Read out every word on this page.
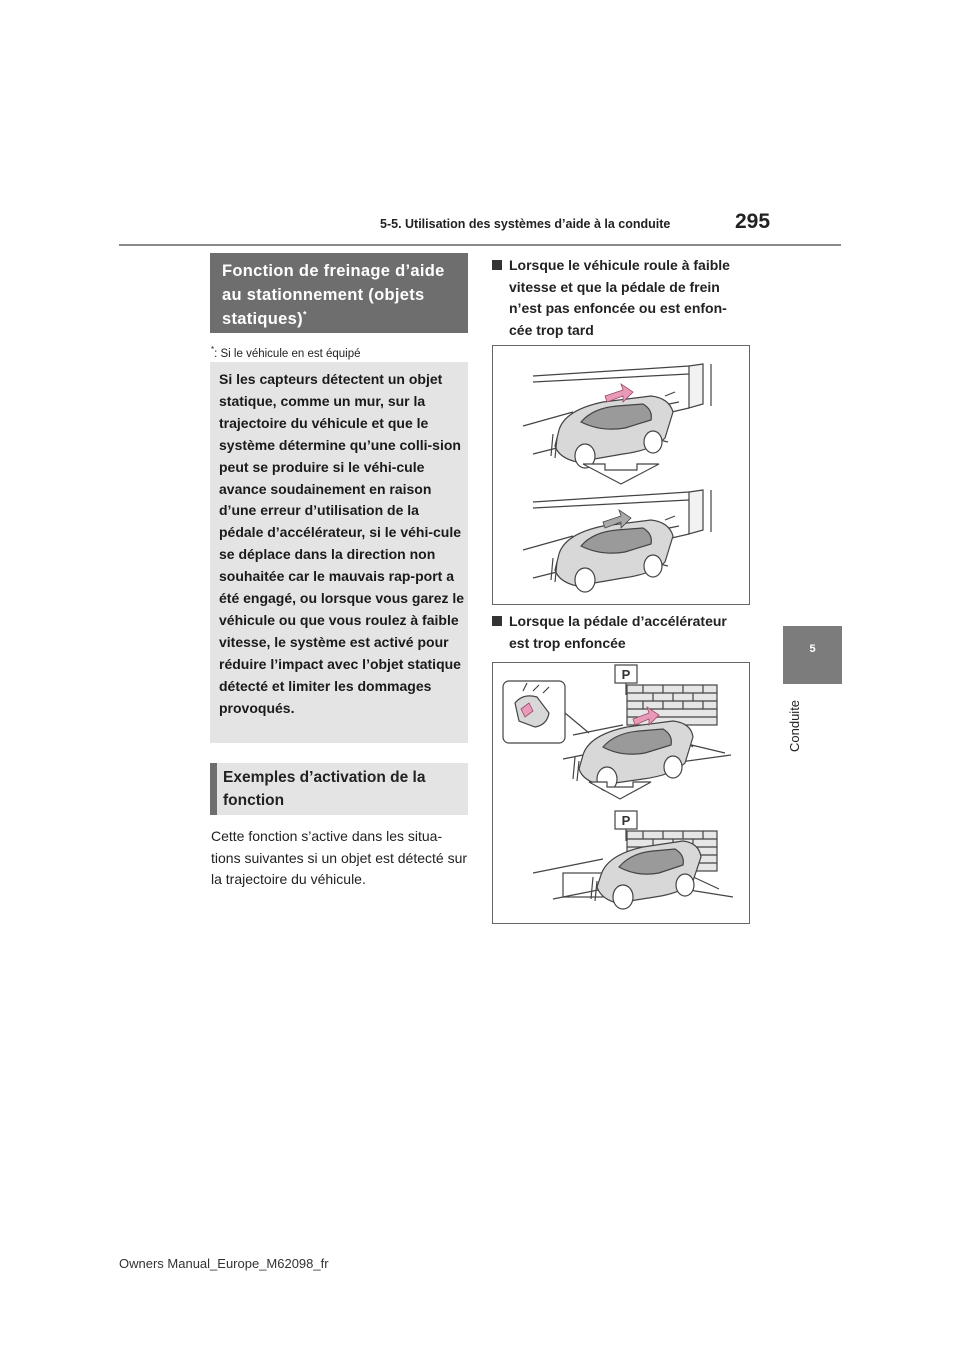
5-5. Utilisation des systèmes d’aide à la conduite	295
5
Conduite
Fonction de freinage d’aide au stationnement (objets statiques)*
*: Si le véhicule en est équipé
Si les capteurs détectent un objet statique, comme un mur, sur la trajectoire du véhicule et que le système détermine qu’une colli-sion peut se produire si le véhi-cule avance soudainement en raison d’une erreur d’utilisation de la pédale d’accélérateur, si le véhi-cule se déplace dans la direction non souhaitée car le mauvais rap-port a été engagé, ou lorsque vous garez le véhicule ou que vous roulez à faible vitesse, le système est activé pour réduire l’impact avec l’objet statique détecté et limiter les dommages provoqués.
Exemples d’activation de la fonction
Cette fonction s’active dans les situa-tions suivantes si un objet est détecté sur la trajectoire du véhicule.
Lorsque le véhicule roule à faible vitesse et que la pédale de frein n’est pas enfoncée ou est enfon-cée trop tard
Lorsque la pédale d’accélérateur est trop enfoncée
P
P
Owners Manual_Europe_M62098_fr
